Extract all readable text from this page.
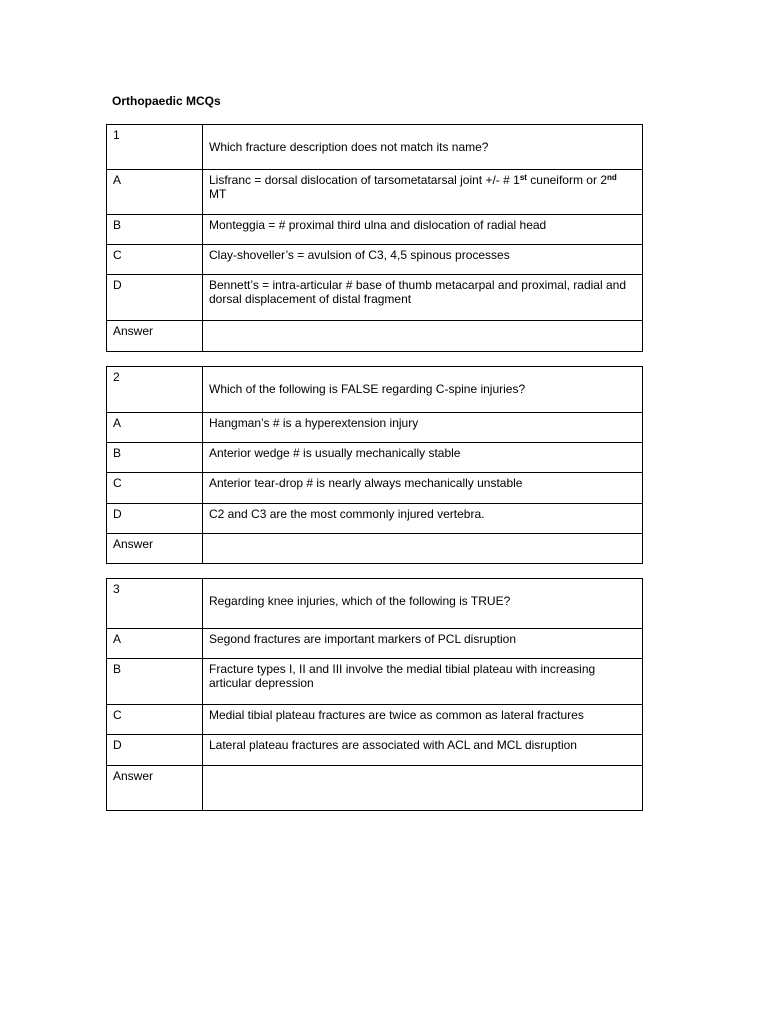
Orthopaedic MCQs
1	Which fracture description does not match its name?
A	Lisfranc = dorsal dislocation of tarsometatarsal joint +/- # 1st cuneiform or 2nd MT
B	Monteggia = # proximal third ulna and dislocation of radial head
C	Clay-shoveller’s = avulsion of C3, 4,5 spinous processes
D	Bennett’s = intra-articular # base of thumb metacarpal and proximal, radial and dorsal displacement of distal fragment
Answer	
2	Which of the following is FALSE regarding C-spine injuries?
A	Hangman’s # is a hyperextension injury
B	Anterior wedge # is usually mechanically stable
C	Anterior tear-drop # is nearly always mechanically unstable
D	C2 and C3 are the most commonly injured vertebra.
Answer	
3	Regarding knee injuries, which of the following is TRUE?
A	Segond fractures are important markers of PCL disruption
B	Fracture types I, II and III involve the medial tibial plateau with increasing articular depression
C	Medial tibial plateau fractures are twice as common as lateral fractures
D	Lateral plateau fractures are associated with ACL and MCL disruption
Answer	
